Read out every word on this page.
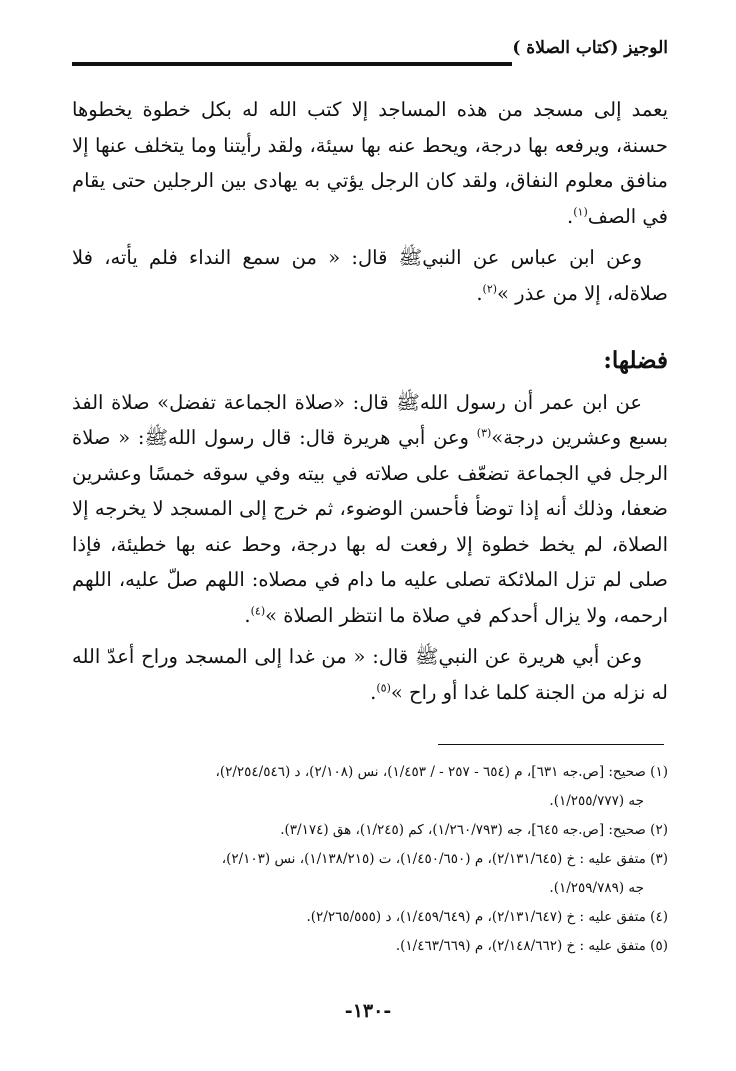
الوجيز (كتاب الصلاة )

يعمد إلى مسجد من هذه المساجد إلا كتب الله له بكل خطوة يخطوها حسنة، ويرفعه بها درجة، ويحط عنه بها سيئة، ولقد رأيتنا وما يتخلف عنها إلا منافق معلوم النفاق، ولقد كان الرجل يؤتي به يهادى بين الرجلين حتى يقام في الصف$^{(١)}$.

وعن ابن عباس عن النبيﷺ قال: « من سمع النداء فلم يأته، فلا صلاةله، إلا من عذر »$^{(٢)}$.

فضلها:

عن ابن عمر أن رسول اللهﷺ قال: «صلاة الجماعة تفضل» صلاة الفذ بسبع وعشرين درجة»$^{(٣)}$ وعن أبي هريرة قال: قال رسول اللهﷺ: « صلاة الرجل في الجماعة تضعّف على صلاته في بيته وفي سوقه خمسًا وعشرين ضعفا، وذلك أنه إذا توضأ فأحسن الوضوء، ثم خرج إلى المسجد لا يخرجه إلا الصلاة، لم يخط خطوة إلا رفعت له بها درجة، وحط عنه بها خطيئة، فإذا صلى لم تزل الملائكة تصلى عليه ما دام في مصلاه: اللهم صلّ عليه، اللهم ارحمه، ولا يزال أحدكم في صلاة ما انتظر الصلاة »$^{(٤)}$.

وعن أبي هريرة عن النبيﷺ قال: « من غدا إلى المسجد وراح أعدّ الله له نزله من الجنة كلما غدا أو راح »$^{(٥)}$.

(١) صحيح: [ص.جه ٦٣١]، م (٦٥٤ - ٢٥٧ - / ١/٤٥٣)، نس (٢/١٠٨)، د (٢/٢٥٤/٥٤٦)،

جه (١/٢٥٥/٧٧٧).

(٢) صحيح: [ص.جه ٦٤٥]، جه (١/٢٦٠/٧٩٣)، كم (١/٢٤٥)، هق (٣/١٧٤).

(٣) متفق عليه : خ (٢/١٣١/٦٤٥)، م (١/٤٥٠/٦٥٠)، ت (١/١٣٨/٢١٥)، نس (٢/١٠٣)،

جه (١/٢٥٩/٧٨٩).

(٤) متفق عليه : خ (٢/١٣١/٦٤٧)، م (١/٤٥٩/٦٤٩)، د (٢/٢٦٥/٥٥٥).

(٥) متفق عليه : خ (٢/١٤٨/٦٦٢)، م (١/٤٦٣/٦٦٩).

-١٣٠-
